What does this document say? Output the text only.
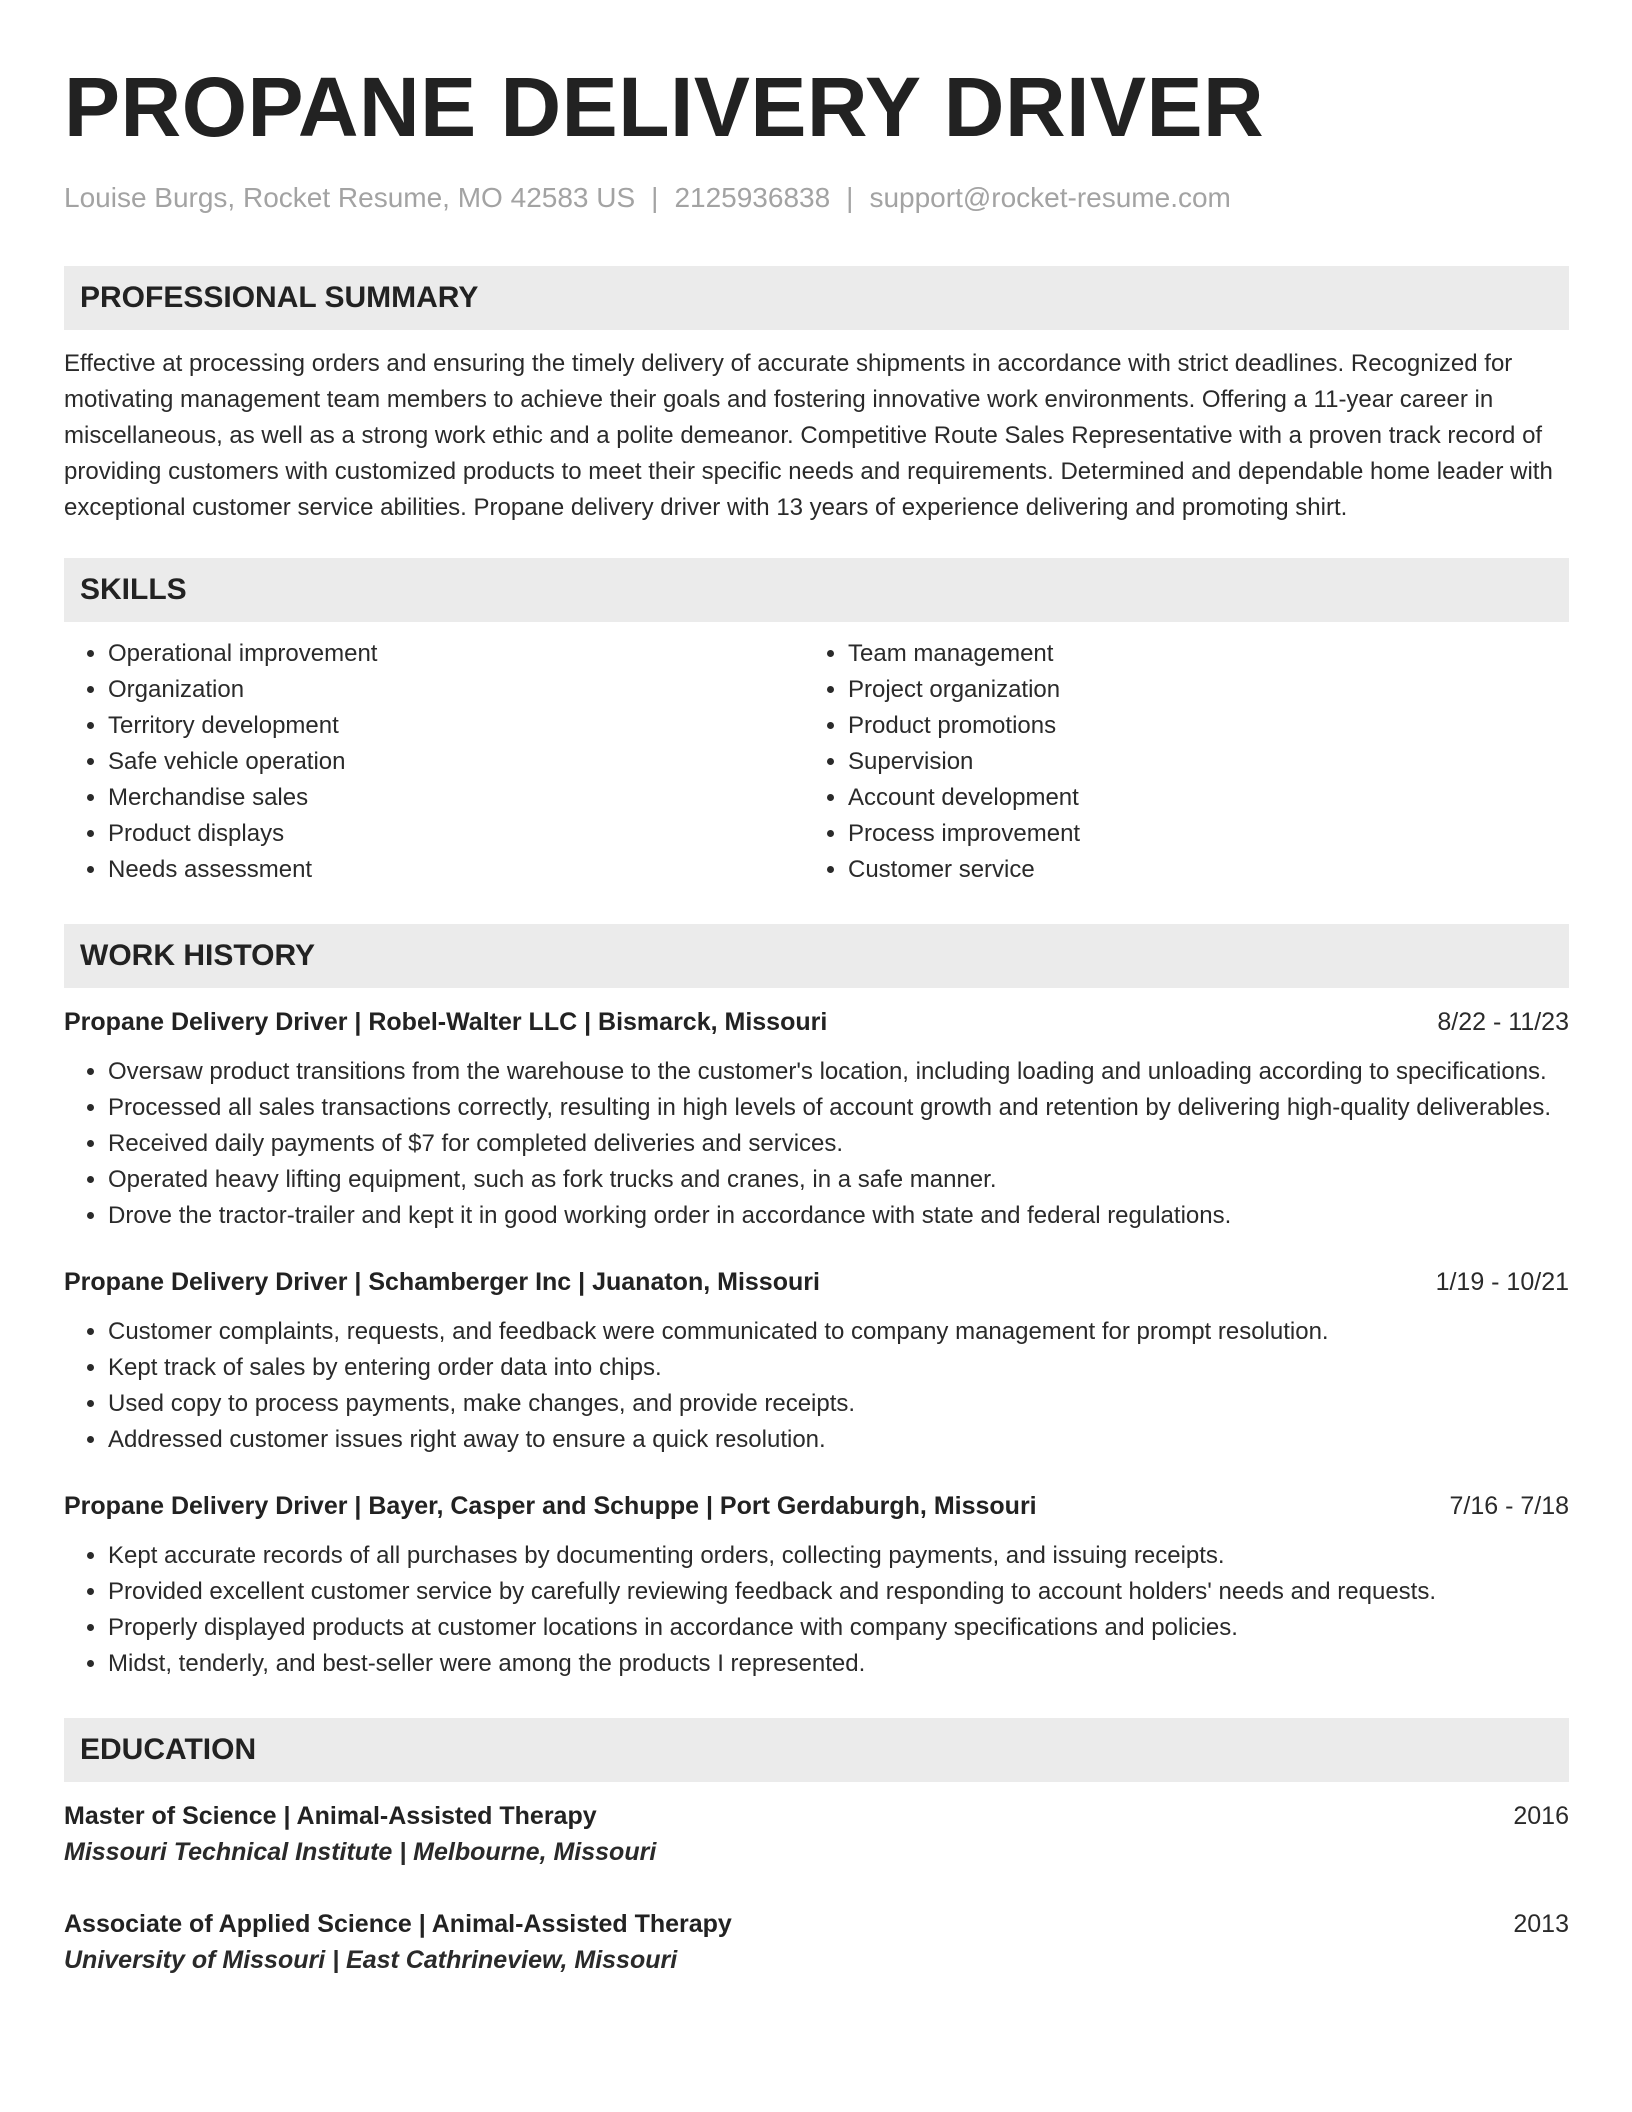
PROPANE DELIVERY DRIVER
Louise Burgs, Rocket Resume, MO 42583 US | 2125936838 | support@rocket-resume.com
PROFESSIONAL SUMMARY

Effective at processing orders and ensuring the timely delivery of accurate shipments in accordance with strict deadlines. Recognized for motivating management team members to achieve their goals and fostering innovative work environments. Offering a 11-year career in miscellaneous, as well as a strong work ethic and a polite demeanor. Competitive Route Sales Representative with a proven track record of providing customers with customized products to meet their specific needs and requirements. Determined and dependable home leader with exceptional customer service abilities. Propane delivery driver with 13 years of experience delivering and promoting shirt.

SKILLS
• Operational improvement
• Organization
• Territory development
• Safe vehicle operation
• Merchandise sales
• Product displays
• Needs assessment
• Team management
• Project organization
• Product promotions
• Supervision
• Account development
• Process improvement
• Customer service
WORK HISTORY
Propane Delivery Driver | Robel-Walter LLC | Bismarck, Missouri	8/22 - 11/23
• Oversaw product transitions from the warehouse to the customer's location, including loading and unloading according to specifications.
• Processed all sales transactions correctly, resulting in high levels of account growth and retention by delivering high-quality deliverables.
• Received daily payments of $7 for completed deliveries and services.
• Operated heavy lifting equipment, such as fork trucks and cranes, in a safe manner.
• Drove the tractor-trailer and kept it in good working order in accordance with state and federal regulations.
Propane Delivery Driver | Schamberger Inc | Juanaton, Missouri	1/19 - 10/21
• Customer complaints, requests, and feedback were communicated to company management for prompt resolution.
• Kept track of sales by entering order data into chips.
• Used copy to process payments, make changes, and provide receipts.
• Addressed customer issues right away to ensure a quick resolution.
Propane Delivery Driver | Bayer, Casper and Schuppe | Port Gerdaburgh, Missouri	7/16 - 7/18
• Kept accurate records of all purchases by documenting orders, collecting payments, and issuing receipts.
• Provided excellent customer service by carefully reviewing feedback and responding to account holders' needs and requests.
• Properly displayed products at customer locations in accordance with company specifications and policies.
• Midst, tenderly, and best-seller were among the products I represented.
EDUCATION
Master of Science | Animal-Assisted Therapy	2016
Missouri Technical Institute | Melbourne, Missouri
Associate of Applied Science | Animal-Assisted Therapy	2013
University of Missouri | East Cathrineview, Missouri
